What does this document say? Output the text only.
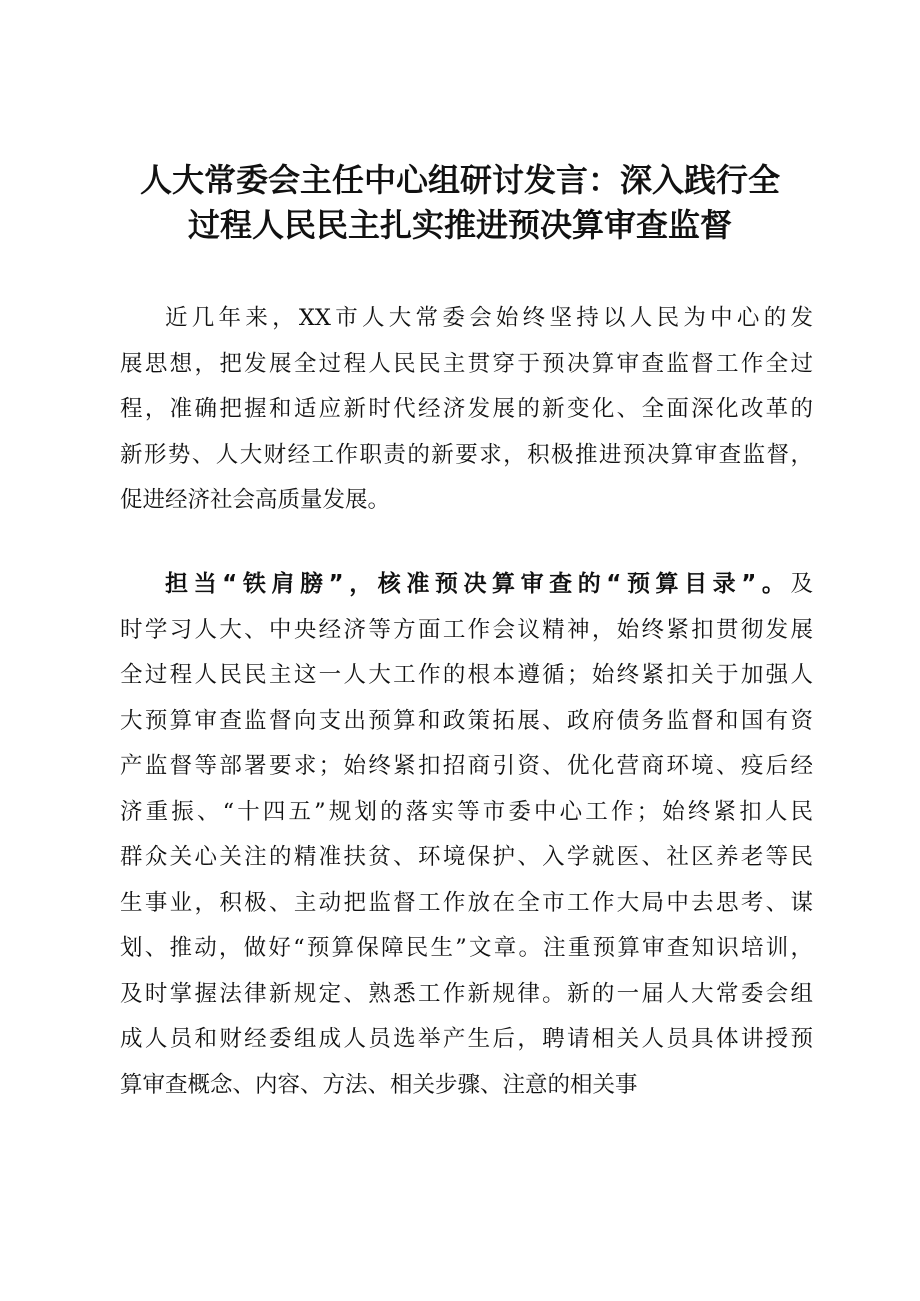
人大常委会主任中心组研讨发言：深入践行全
过程人民民主扎实推进预决算审查监督
近几年来，XX市人大常委会始终坚持以人民为中心的发
展思想，把发展全过程人民民主贯穿于预决算审查监督工作全过
程，准确把握和适应新时代经济发展的新变化、全面深化改革的
新形势、人大财经工作职责的新要求，积极推进预决算审查监督，
促进经济社会高质量发展。
担当“铁肩膀”，核准预决算审查的“预算目录”。及
时学习人大、中央经济等方面工作会议精神，始终紧扣贯彻发展
全过程人民民主这一人大工作的根本遵循；始终紧扣关于加强人
大预算审查监督向支出预算和政策拓展、政府债务监督和国有资
产监督等部署要求；始终紧扣招商引资、优化营商环境、疫后经
济重振、“十四五”规划的落实等市委中心工作；始终紧扣人民
群众关心关注的精准扶贫、环境保护、入学就医、社区养老等民
生事业，积极、主动把监督工作放在全市工作大局中去思考、谋
划、推动，做好“预算保障民生”文章。注重预算审查知识培训，
及时掌握法律新规定、熟悉工作新规律。新的一届人大常委会组
成人员和财经委组成人员选举产生后，聘请相关人员具体讲授预
算审查概念、内容、方法、相关步骤、注意的相关事
